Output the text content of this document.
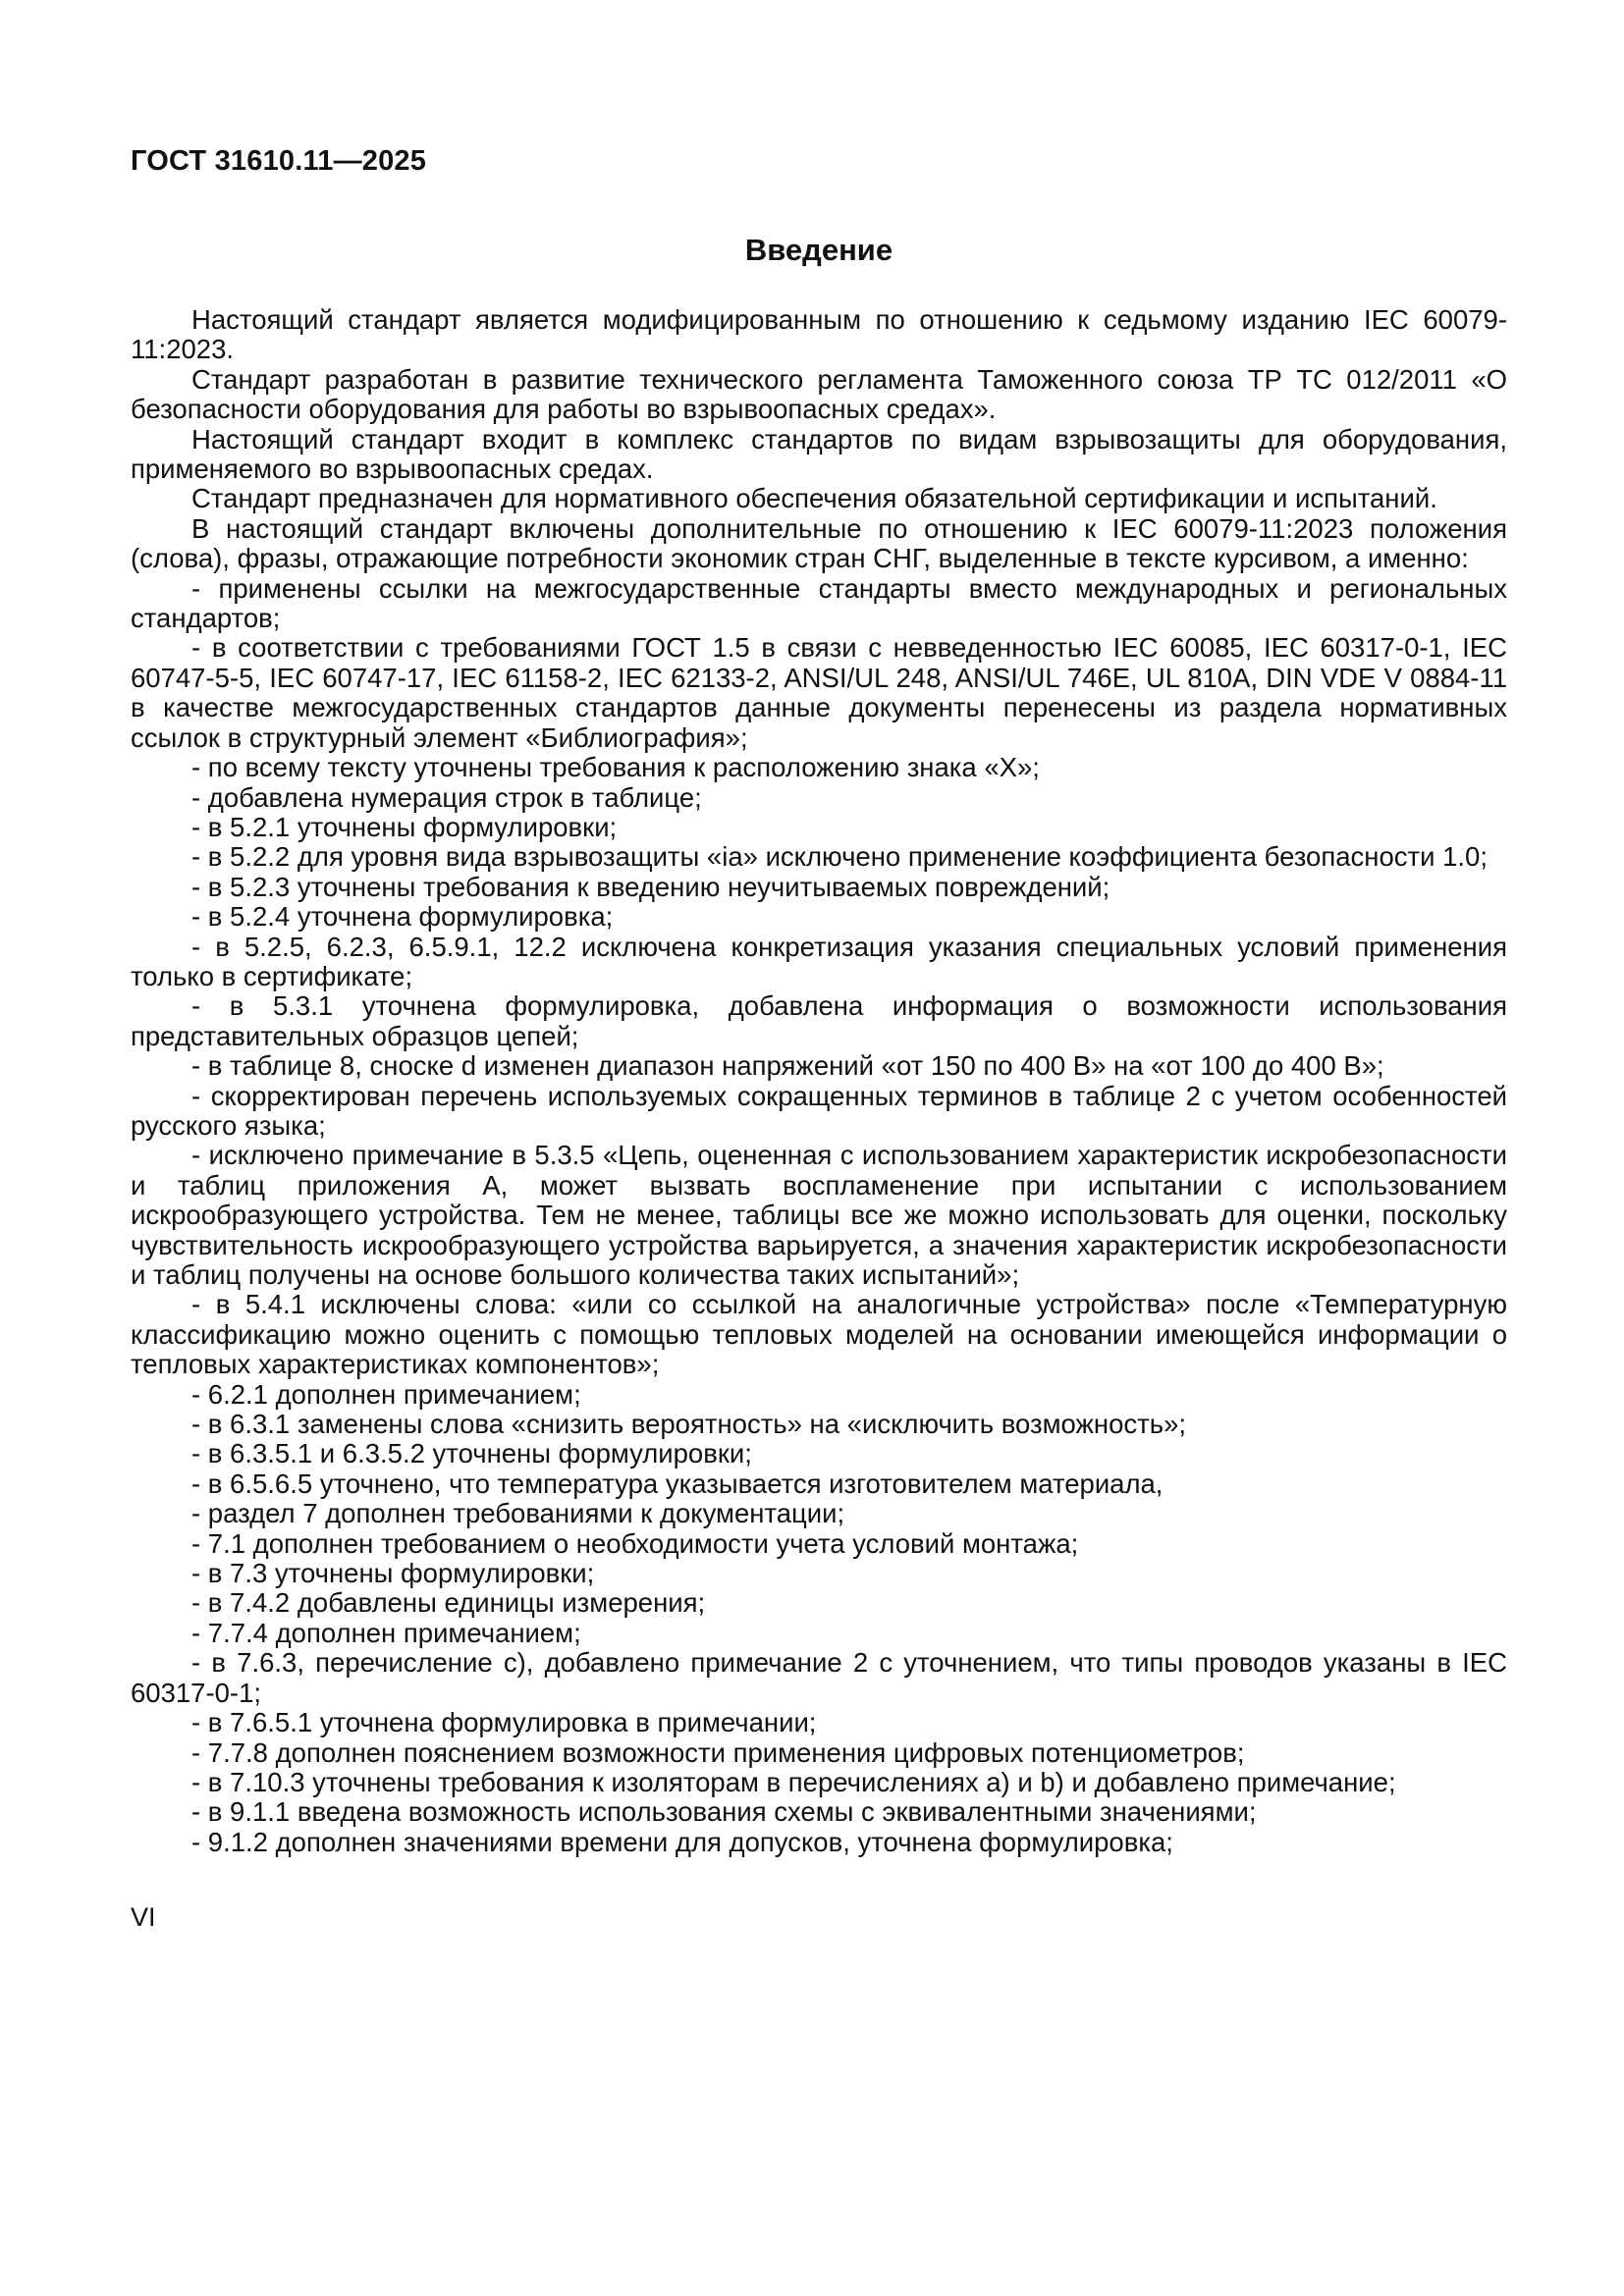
ГОСТ 31610.11—2025
Введение

Настоящий стандарт является модифицированным по отношению к седьмому изданию IEC 60079-11:2023.

Стандарт разработан в развитие технического регламента Таможенного союза ТР ТС 012/2011 «О безопасности оборудования для работы во взрывоопасных средах».

Настоящий стандарт входит в комплекс стандартов по видам взрывозащиты для оборудования, применяемого во взрывоопасных средах.

Стандарт предназначен для нормативного обеспечения обязательной сертификации и испытаний.

В настоящий стандарт включены дополнительные по отношению к IEC 60079-11:2023 положения (слова), фразы, отражающие потребности экономик стран СНГ, выделенные в тексте курсивом, а именно:

- применены ссылки на межгосударственные стандарты вместо международных и региональных стандартов;

- в соответствии с требованиями ГОСТ 1.5 в связи с невведенностью IEC 60085, IEC 60317-0-1, IEC 60747-5-5, IEC 60747-17, IEC 61158-2, IEC 62133-2, ANSI/UL 248, ANSI/UL 746E, UL 810A, DIN VDE V 0884-11 в качестве межгосударственных стандартов данные документы перенесены из раздела нормативных ссылок в структурный элемент «Библиография»;

- по всему тексту уточнены требования к расположению знака «X»;

- добавлена нумерация строк в таблице;

- в 5.2.1 уточнены формулировки;

- в 5.2.2 для уровня вида взрывозащиты «ia» исключено применение коэффициента безопасности 1.0;

- в 5.2.3 уточнены требования к введению неучитываемых повреждений;

- в 5.2.4 уточнена формулировка;

- в 5.2.5, 6.2.3, 6.5.9.1, 12.2 исключена конкретизация указания специальных условий применения только в сертификате;

- в 5.3.1 уточнена формулировка, добавлена информация о возможности использования представительных образцов цепей;

- в таблице 8, сноске d изменен диапазон напряжений «от 150 по 400 В» на «от 100 до 400 В»;

- скорректирован перечень используемых сокращенных терминов в таблице 2 с учетом особенностей русского языка;

- исключено примечание в 5.3.5 «Цепь, оцененная с использованием характеристик искробезопасности и таблиц приложения А, может вызвать воспламенение при испытании с использованием искрообразующего устройства. Тем не менее, таблицы все же можно использовать для оценки, поскольку чувствительность искрообразующего устройства варьируется, а значения характеристик искробезопасности и таблиц получены на основе большого количества таких испытаний»;

- в 5.4.1 исключены слова: «или со ссылкой на аналогичные устройства» после «Температурную классификацию можно оценить с помощью тепловых моделей на основании имеющейся информации о тепловых характеристиках компонентов»;

- 6.2.1 дополнен примечанием;

- в 6.3.1 заменены слова «снизить вероятность» на «исключить возможность»;

- в 6.3.5.1 и 6.3.5.2 уточнены формулировки;

- в 6.5.6.5 уточнено, что температура указывается изготовителем материала,

- раздел 7 дополнен требованиями к документации;

- 7.1 дополнен требованием о необходимости учета условий монтажа;

- в 7.3 уточнены формулировки;

- в 7.4.2 добавлены единицы измерения;

- 7.7.4 дополнен примечанием;

- в 7.6.3, перечисление c), добавлено примечание 2 с уточнением, что типы проводов указаны в IEC 60317-0-1;

- в 7.6.5.1 уточнена формулировка в примечании;

- 7.7.8 дополнен пояснением возможности применения цифровых потенциометров;

- в 7.10.3 уточнены требования к изоляторам в перечислениях a) и b) и добавлено примечание;

- в 9.1.1 введена возможность использования схемы с эквивалентными значениями;

- 9.1.2 дополнен значениями времени для допусков, уточнена формулировка;

VI
